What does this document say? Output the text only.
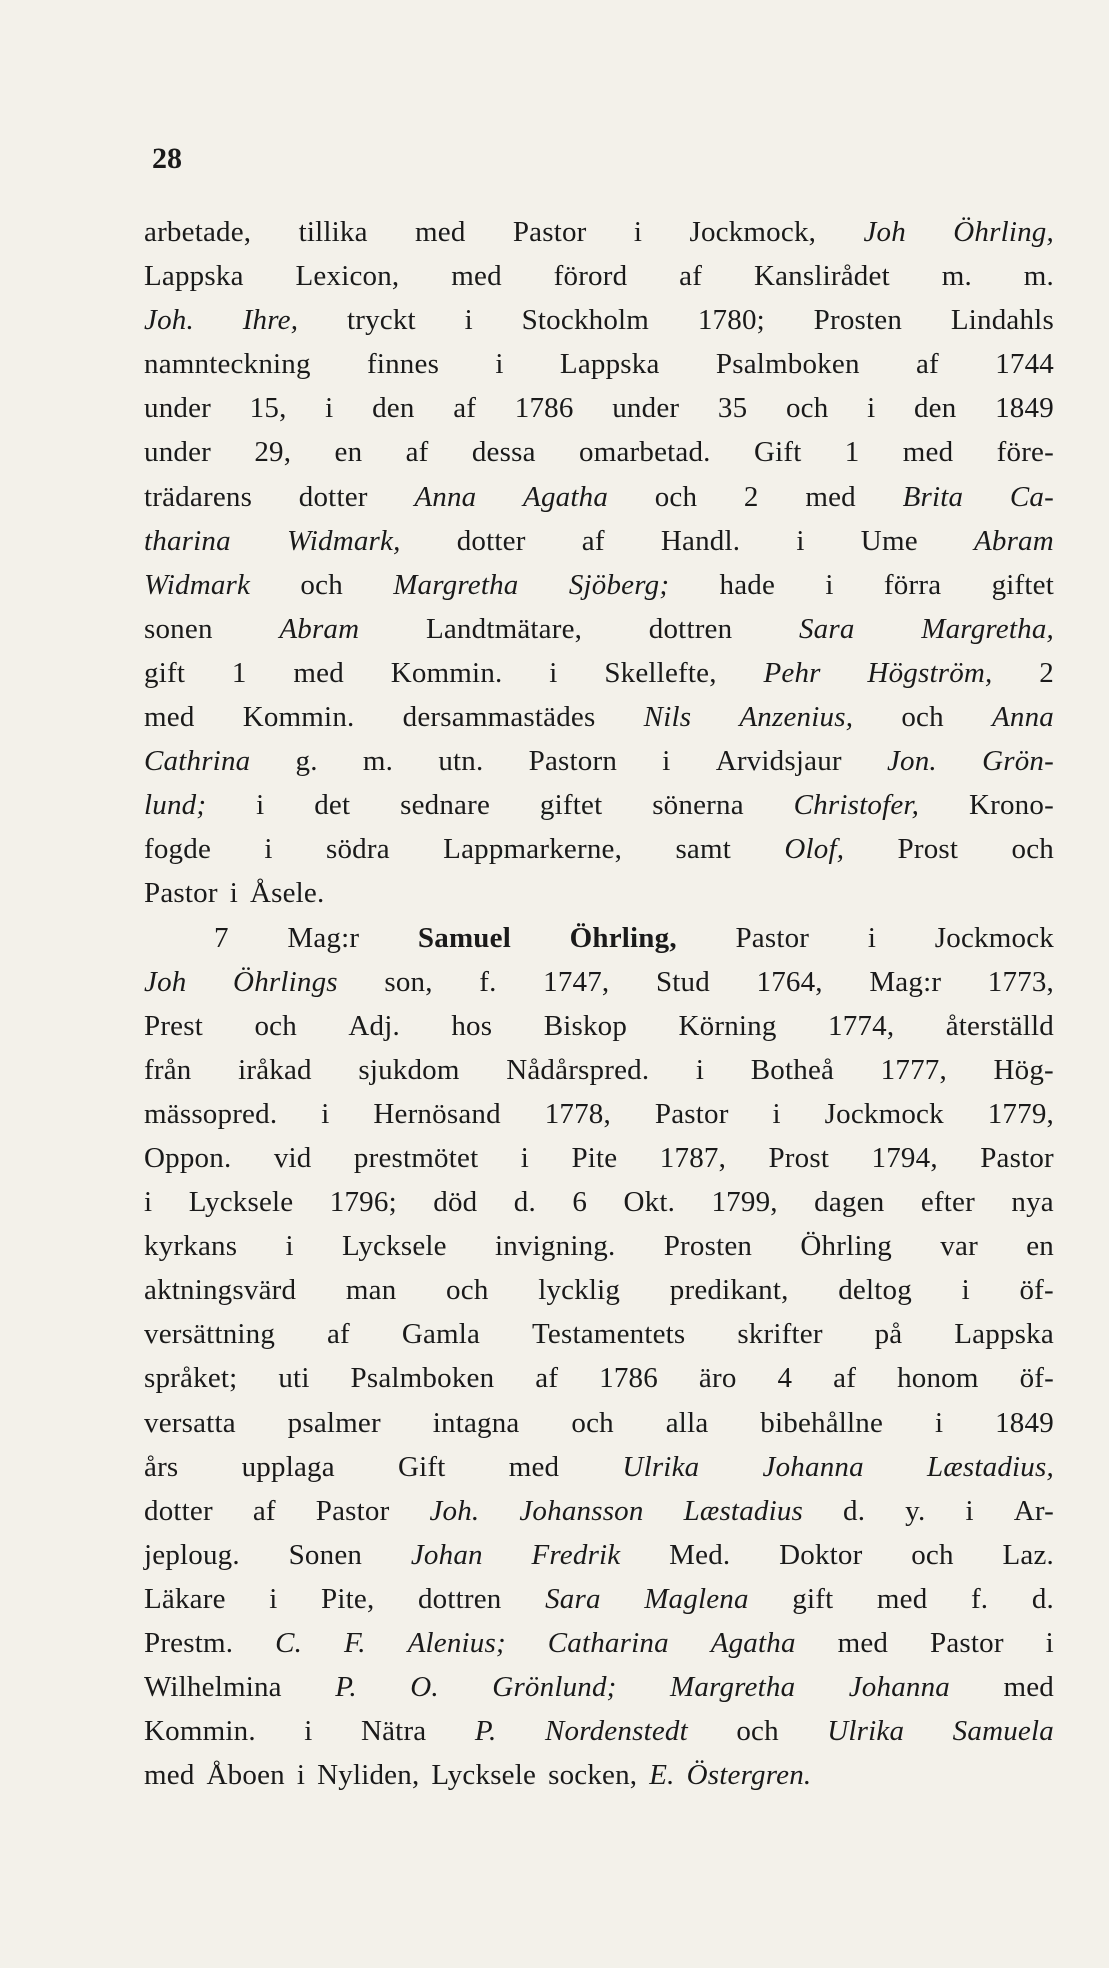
28
arbetade, tillika med Pastor i Jockmock, Joh Öhrling,
Lappska Lexicon, med förord af Kanslirådet m. m.
Joh. Ihre, tryckt i Stockholm 1780; Prosten Lindahls
namnteckning finnes i Lappska Psalmboken af 1744
under 15, i den af 1786 under 35 och i den 1849
under 29, en af dessa omarbetad. Gift 1 med före-
trädarens dotter Anna Agatha och 2 med Brita Ca-
tharina Widmark, dotter af Handl. i Ume Abram
Widmark och Margretha Sjöberg; hade i förra giftet
sonen Abram Landtmätare, dottren Sara Margretha,
gift 1 med Kommin. i Skellefte, Pehr Högström, 2
med Kommin. dersammastädes Nils Anzenius, och Anna
Cathrina g. m. utn. Pastorn i Arvidsjaur Jon. Grön-
lund; i det sednare giftet sönerna Christofer, Krono-
fogde i södra Lappmarkerne, samt Olof, Prost och
Pastor i Åsele.
7 Mag:r Samuel Öhrling, Pastor i Jockmock
Joh Öhrlings son, f. 1747, Stud 1764, Mag:r 1773,
Prest och Adj. hos Biskop Körning 1774, återställd
från iråkad sjukdom Nådårspred. i Botheå 1777, Hög-
mässopred. i Hernösand 1778, Pastor i Jockmock 1779,
Oppon. vid prestmötet i Pite 1787, Prost 1794, Pastor
i Lycksele 1796; död d. 6 Okt. 1799, dagen efter nya
kyrkans i Lycksele invigning. Prosten Öhrling var en
aktningsvärd man och lycklig predikant, deltog i öf-
versättning af Gamla Testamentets skrifter på Lappska
språket; uti Psalmboken af 1786 äro 4 af honom öf-
versatta psalmer intagna och alla bibehållne i 1849
års upplaga Gift med Ulrika Johanna Læstadius,
dotter af Pastor Joh. Johansson Læstadius d. y. i Ar-
jeploug. Sonen Johan Fredrik Med. Doktor och Laz.
Läkare i Pite, dottren Sara Maglena gift med f. d.
Prestm. C. F. Alenius; Catharina Agatha med Pastor i
Wilhelmina P. O. Grönlund; Margretha Johanna med
Kommin. i Nätra P. Nordenstedt och Ulrika Samuela
med Åboen i Nyliden, Lycksele socken, E. Östergren.
